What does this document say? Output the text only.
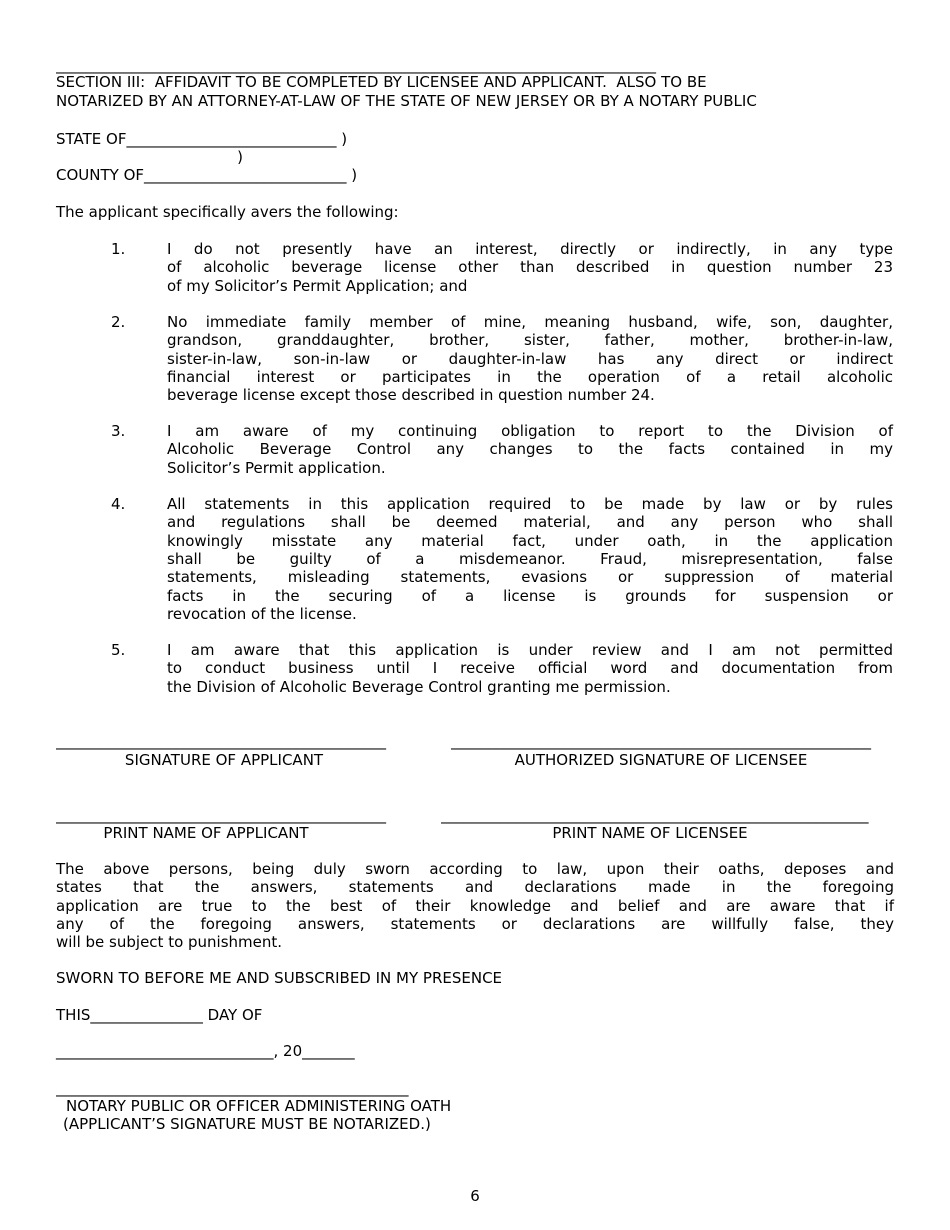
________________________________________________________________________________
SECTION III:  AFFIDAVIT TO BE COMPLETED BY LICENSEE AND APPLICANT.  ALSO TO BE
NOTARIZED BY AN ATTORNEY-AT-LAW OF THE STATE OF NEW JERSEY OR BY A NOTARY PUBLIC
STATE OF____________________________ )
)
COUNTY OF___________________________ )
The applicant specifically avers the following:
1.	I do not presently have an interest, directly or indirectly, in any type
of alcoholic beverage license other than described in question number 23
of my Solicitor’s Permit Application; and
2.	No immediate family member of mine, meaning husband, wife, son, daughter,
grandson, granddaughter, brother, sister, father, mother, brother-in-law,
sister-in-law, son-in-law or daughter-in-law has any direct or indirect
financial interest or participates in the operation of a retail alcoholic
beverage license except those described in question number 24.
3.	I am aware of my continuing obligation to report to the Division of
Alcoholic Beverage Control any changes to the facts contained in my
Solicitor’s Permit application.
4.	All statements in this application required to be made by law or by rules
and regulations shall be deemed material, and any person who shall
knowingly misstate any material fact, under oath, in the application
shall be guilty of a misdemeanor. Fraud, misrepresentation, false
statements, misleading statements, evasions or suppression of material
facts in the securing of a license is grounds for suspension or
revocation of the license.
5.	I am aware that this application is under review and I am not permitted
to conduct business until I receive official word and documentation from
the Division of Alcoholic Beverage Control granting me permission.
____________________________________________	________________________________________________________
SIGNATURE OF APPLICANT	AUTHORIZED SIGNATURE OF LICENSEE
____________________________________________	_________________________________________________________
PRINT NAME OF APPLICANT	PRINT NAME OF LICENSEE
The above persons, being duly sworn according to law, upon their oaths, deposes and
states that the answers, statements and declarations made in the foregoing
application are true to the best of their knowledge and belief and are aware that if
any of the foregoing answers, statements or declarations are willfully false, they
will be subject to punishment.
SWORN TO BEFORE ME AND SUBSCRIBED IN MY PRESENCE
THIS_______________ DAY OF
_____________________________, 20_______
_______________________________________________
NOTARY PUBLIC OR OFFICER ADMINISTERING OATH
(APPLICANT’S SIGNATURE MUST BE NOTARIZED.)
6
